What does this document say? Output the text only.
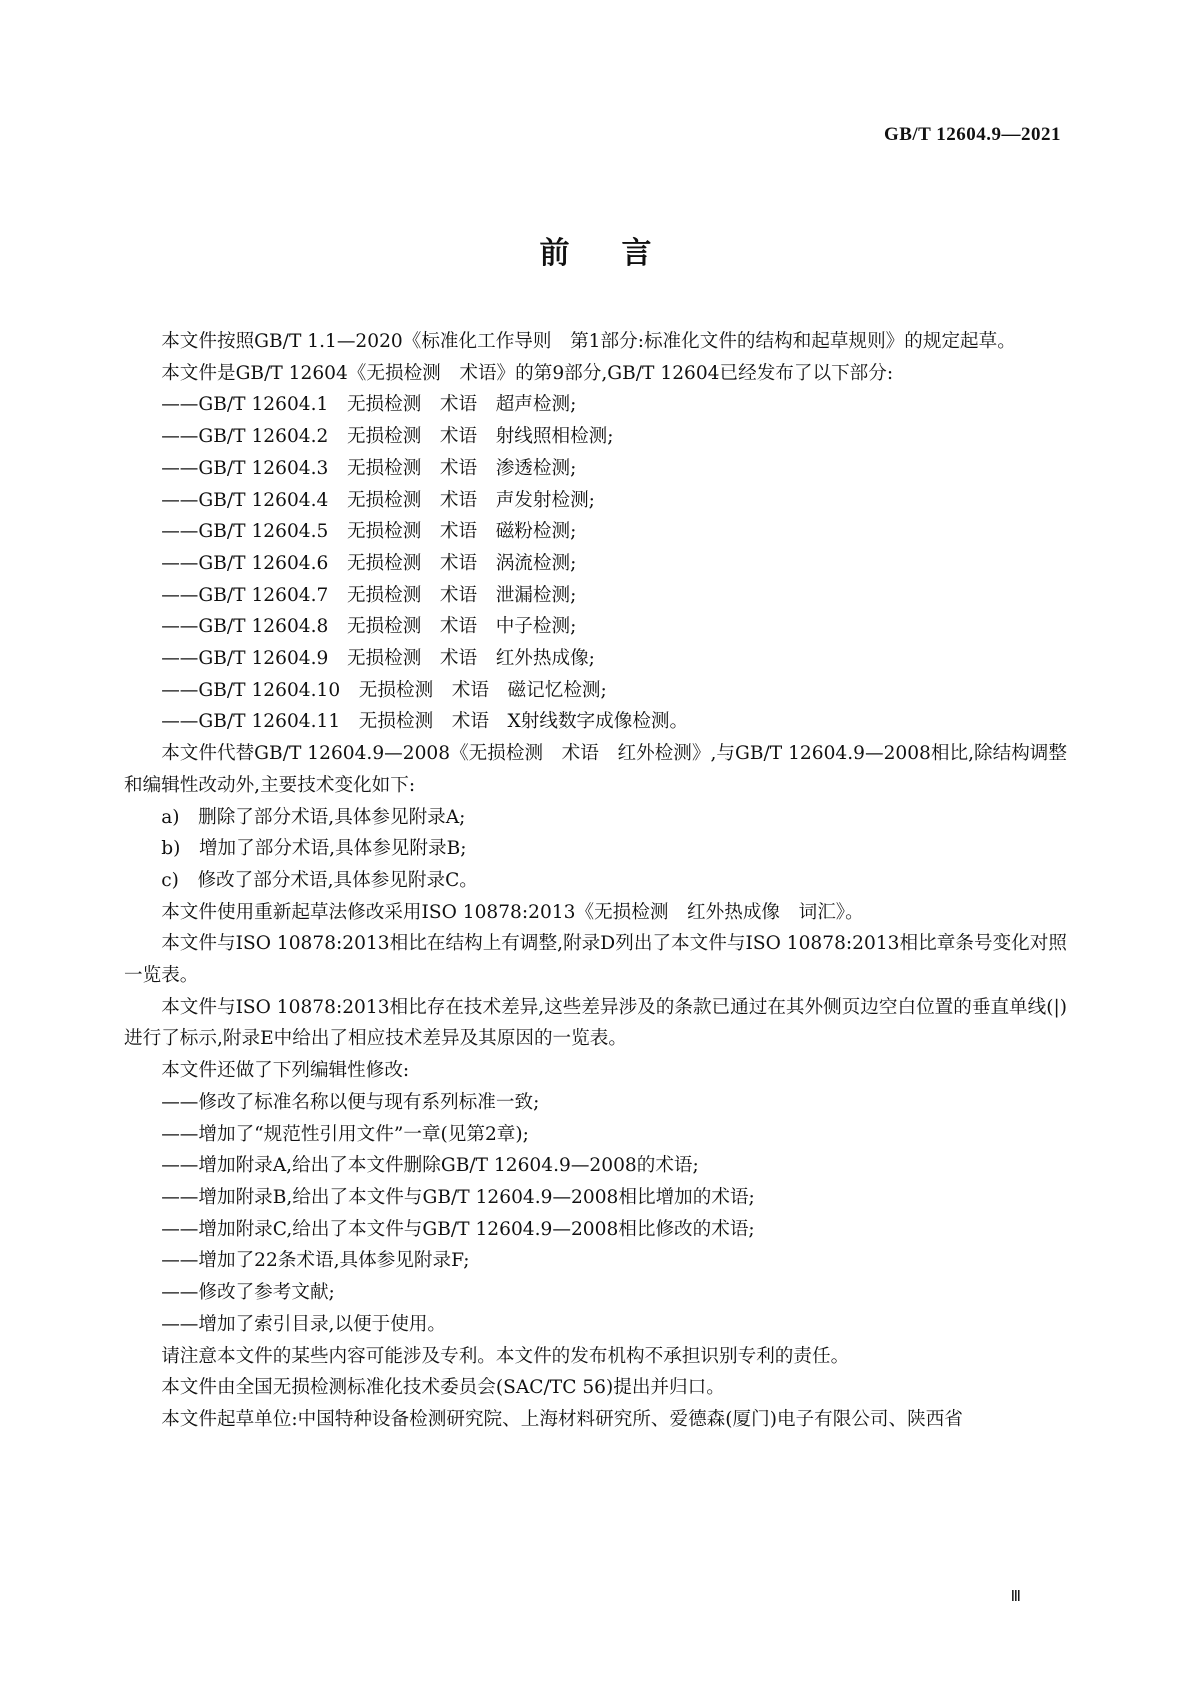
GB/T 12604.9—2021
前言

本文件按照GB/T 1.1—2020《标准化工作导则　第1部分:标准化文件的结构和起草规则》的规定起草。

本文件是GB/T 12604《无损检测　术语》的第9部分,GB/T 12604已经发布了以下部分:

——GB/T 12604.1　无损检测　术语　超声检测;

——GB/T 12604.2　无损检测　术语　射线照相检测;

——GB/T 12604.3　无损检测　术语　渗透检测;

——GB/T 12604.4　无损检测　术语　声发射检测;

——GB/T 12604.5　无损检测　术语　磁粉检测;

——GB/T 12604.6　无损检测　术语　涡流检测;

——GB/T 12604.7　无损检测　术语　泄漏检测;

——GB/T 12604.8　无损检测　术语　中子检测;

——GB/T 12604.9　无损检测　术语　红外热成像;

——GB/T 12604.10　无损检测　术语　磁记忆检测;

——GB/T 12604.11　无损检测　术语　X射线数字成像检测。

本文件代替GB/T 12604.9—2008《无损检测　术语　红外检测》,与GB/T 12604.9—2008相比,除结构调整和编辑性改动外,主要技术变化如下:

a)　删除了部分术语,具体参见附录A;

b)　增加了部分术语,具体参见附录B;

c)　修改了部分术语,具体参见附录C。

本文件使用重新起草法修改采用ISO 10878:2013《无损检测　红外热成像　词汇》。

本文件与ISO 10878:2013相比在结构上有调整,附录D列出了本文件与ISO 10878:2013相比章条号变化对照一览表。

本文件与ISO 10878:2013相比存在技术差异,这些差异涉及的条款已通过在其外侧页边空白位置的垂直单线(|)进行了标示,附录E中给出了相应技术差异及其原因的一览表。

本文件还做了下列编辑性修改:

——修改了标准名称以便与现有系列标准一致;

——增加了“规范性引用文件”一章(见第2章);

——增加附录A,给出了本文件删除GB/T 12604.9—2008的术语;

——增加附录B,给出了本文件与GB/T 12604.9—2008相比增加的术语;

——增加附录C,给出了本文件与GB/T 12604.9—2008相比修改的术语;

——增加了22条术语,具体参见附录F;

——修改了参考文献;

——增加了索引目录,以便于使用。

请注意本文件的某些内容可能涉及专利。本文件的发布机构不承担识别专利的责任。

本文件由全国无损检测标准化技术委员会(SAC/TC 56)提出并归口。

本文件起草单位:中国特种设备检测研究院、上海材料研究所、爱德森(厦门)电子有限公司、陕西省

Ⅲ
